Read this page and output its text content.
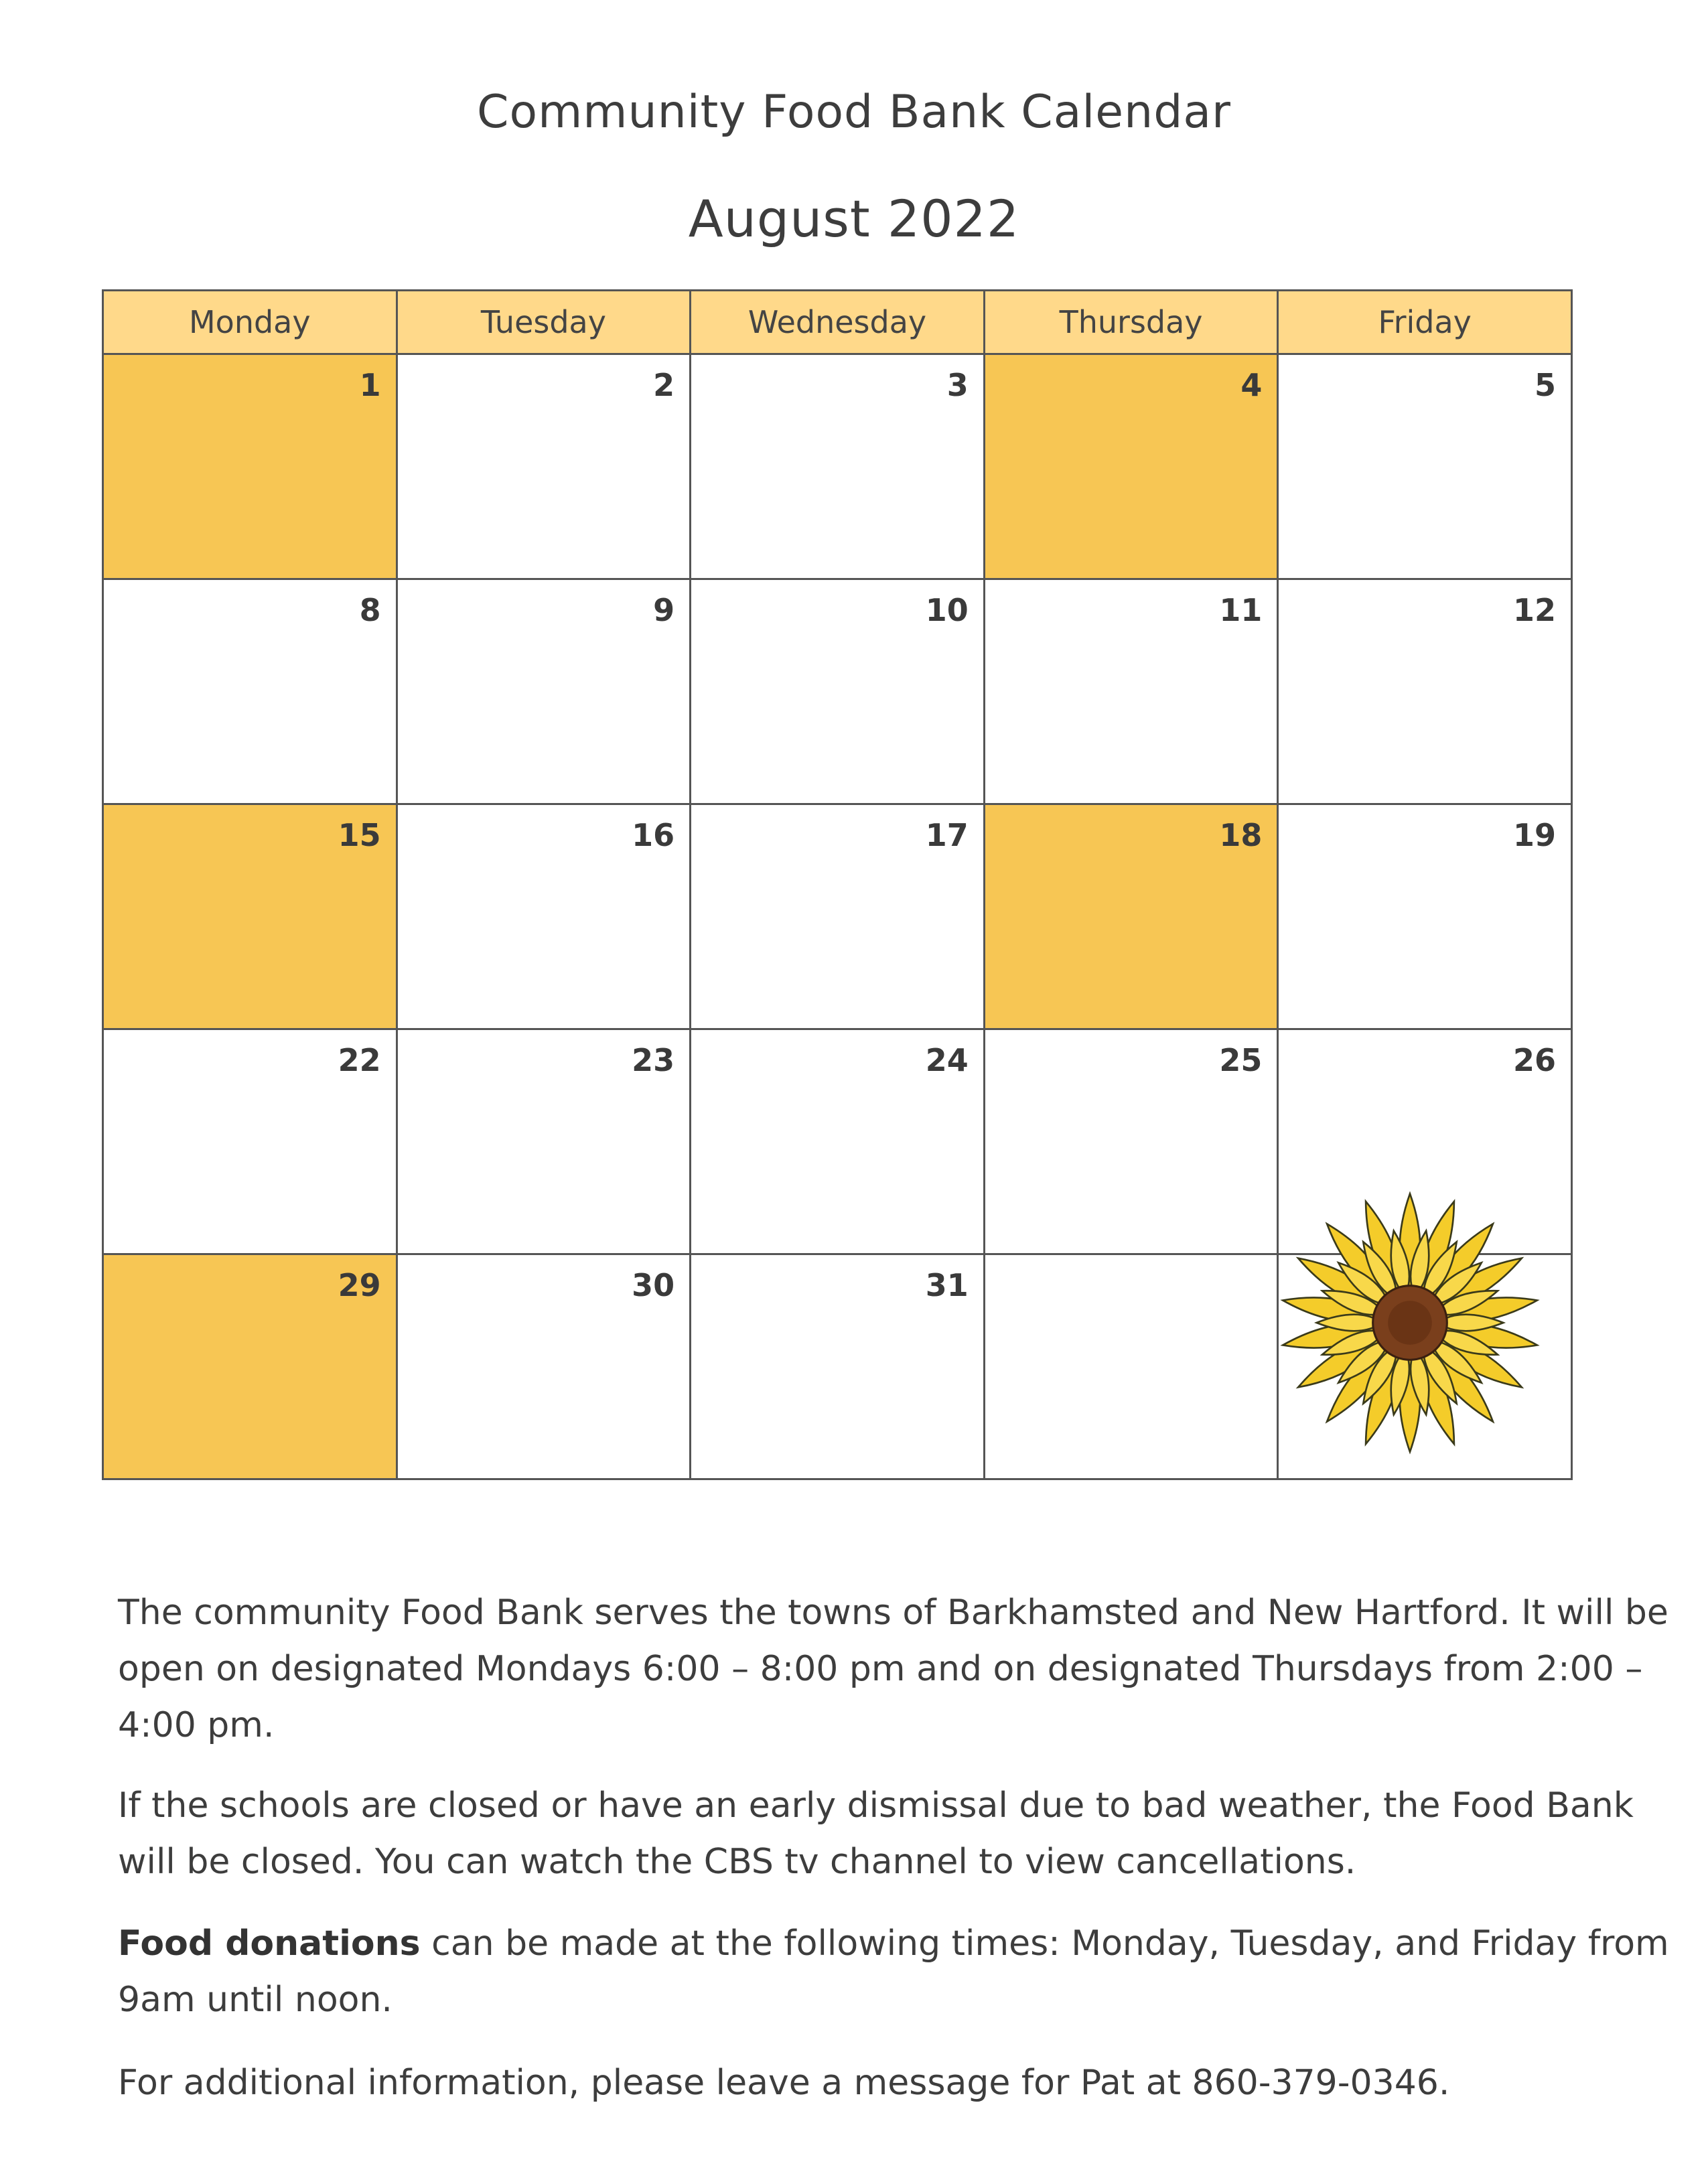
Community Food Bank Calendar
August 2022
Monday	Tuesday	Wednesday	Thursday	Friday

1	2	3	4	5

8	9	10	11	12

15	16	17	18	19

22	23	24	25	26

29	30	31		

The community Food Bank serves the towns of Barkhamsted and New Hartford. It will be open on designated Mondays 6:00 – 8:00 pm and on designated Thursdays from 2:00 – 4:00 pm.

If the schools are closed or have an early dismissal due to bad weather, the Food Bank will be closed. You can watch the CBS tv channel to view cancellations.

Food donations can be made at the following times: Monday, Tuesday, and Friday from 9am until noon.

For additional information, please leave a message for Pat at 860-379-0346.
